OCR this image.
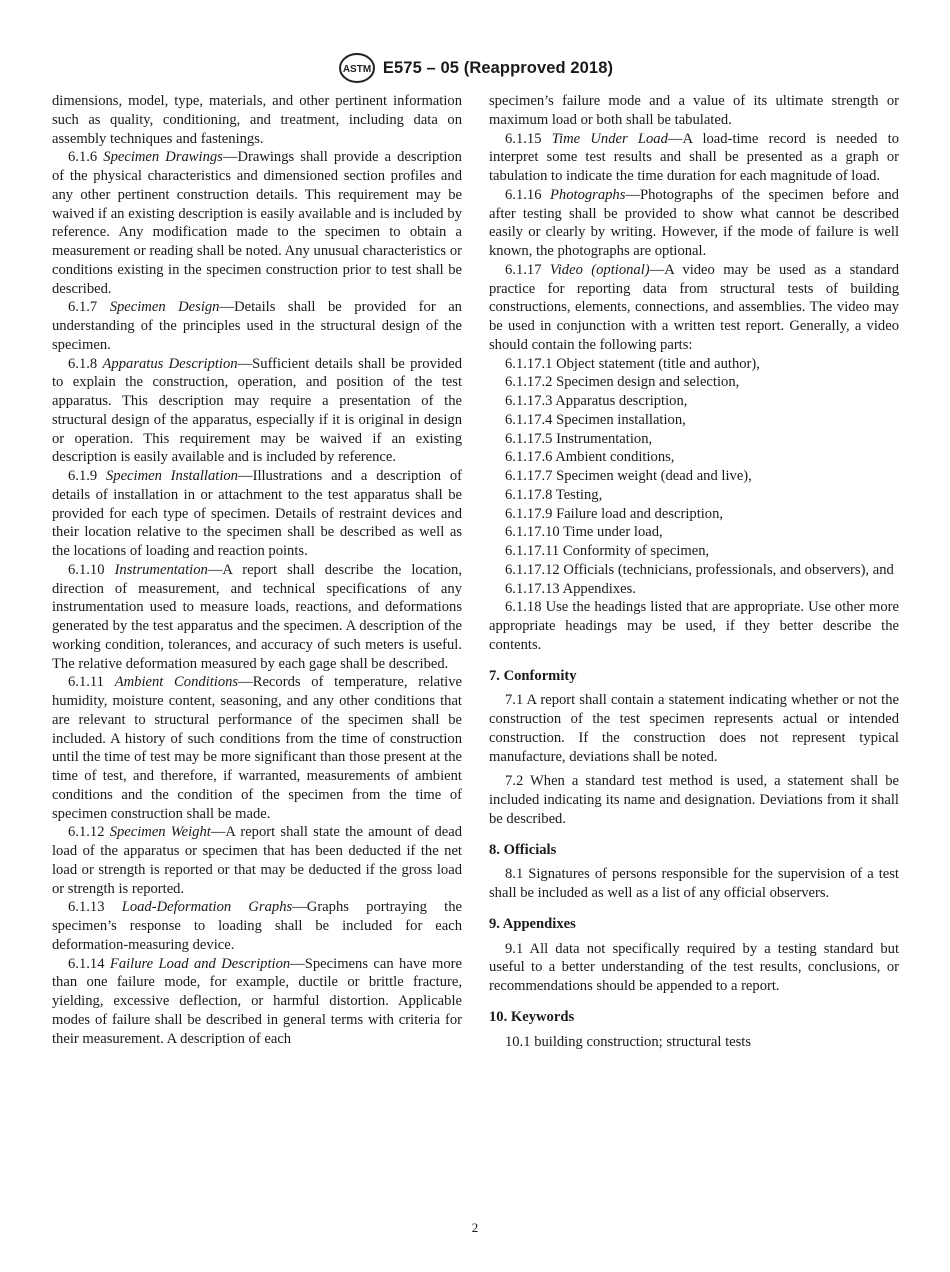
ASTM E575 – 05 (Reapproved 2018)

dimensions, model, type, materials, and other pertinent information such as quality, conditioning, and treatment, including data on assembly techniques and fastenings.

6.1.6 Specimen Drawings—Drawings shall provide a description of the physical characteristics and dimensioned section profiles and any other pertinent construction details. This requirement may be waived if an existing description is easily available and is included by reference. Any modification made to the specimen to obtain a measurement or reading shall be noted. Any unusual characteristics or conditions existing in the specimen construction prior to test shall be described.

6.1.7 Specimen Design—Details shall be provided for an understanding of the principles used in the structural design of the specimen.

6.1.8 Apparatus Description—Sufficient details shall be provided to explain the construction, operation, and position of the test apparatus. This description may require a presentation of the structural design of the apparatus, especially if it is original in design or operation. This requirement may be waived if an existing description is easily available and is included by reference.

6.1.9 Specimen Installation—Illustrations and a description of details of installation in or attachment to the test apparatus shall be provided for each type of specimen. Details of restraint devices and their location relative to the specimen shall be described as well as the locations of loading and reaction points.

6.1.10 Instrumentation—A report shall describe the location, direction of measurement, and technical specifications of any instrumentation used to measure loads, reactions, and deformations generated by the test apparatus and the specimen. A description of the working condition, tolerances, and accuracy of such meters is useful. The relative deformation measured by each gage shall be described.

6.1.11 Ambient Conditions—Records of temperature, relative humidity, moisture content, seasoning, and any other conditions that are relevant to structural performance of the specimen shall be included. A history of such conditions from the time of construction until the time of test may be more significant than those present at the time of test, and therefore, if warranted, measurements of ambient conditions and the condition of the specimen from the time of specimen construction shall be made.

6.1.12 Specimen Weight—A report shall state the amount of dead load of the apparatus or specimen that has been deducted if the net load or strength is reported or that may be deducted if the gross load or strength is reported.

6.1.13 Load-Deformation Graphs—Graphs portraying the specimen’s response to loading shall be included for each deformation-measuring device.

6.1.14 Failure Load and Description—Specimens can have more than one failure mode, for example, ductile or brittle fracture, yielding, excessive deflection, or harmful distortion. Applicable modes of failure shall be described in general terms with criteria for their measurement. A description of each

specimen’s failure mode and a value of its ultimate strength or maximum load or both shall be tabulated.

6.1.15 Time Under Load—A load-time record is needed to interpret some test results and shall be presented as a graph or tabulation to indicate the time duration for each magnitude of load.

6.1.16 Photographs—Photographs of the specimen before and after testing shall be provided to show what cannot be described easily or clearly by writing. However, if the mode of failure is well known, the photographs are optional.

6.1.17 Video (optional)—A video may be used as a standard practice for reporting data from structural tests of building constructions, elements, connections, and assemblies. The video may be used in conjunction with a written test report. Generally, a video should contain the following parts:

6.1.17.1 Object statement (title and author),

6.1.17.2 Specimen design and selection,

6.1.17.3 Apparatus description,

6.1.17.4 Specimen installation,

6.1.17.5 Instrumentation,

6.1.17.6 Ambient conditions,

6.1.17.7 Specimen weight (dead and live),

6.1.17.8 Testing,

6.1.17.9 Failure load and description,

6.1.17.10 Time under load,

6.1.17.11 Conformity of specimen,

6.1.17.12 Officials (technicians, professionals, and observers), and

6.1.17.13 Appendixes.

6.1.18 Use the headings listed that are appropriate. Use other more appropriate headings may be used, if they better describe the contents.

7. Conformity

7.1 A report shall contain a statement indicating whether or not the construction of the test specimen represents actual or intended construction. If the construction does not represent typical manufacture, deviations shall be noted.

7.2 When a standard test method is used, a statement shall be included indicating its name and designation. Deviations from it shall be described.

8. Officials

8.1 Signatures of persons responsible for the supervision of a test shall be included as well as a list of any official observers.

9. Appendixes

9.1 All data not specifically required by a testing standard but useful to a better understanding of the test results, conclusions, or recommendations should be appended to a report.

10. Keywords

10.1 building construction; structural tests

2
